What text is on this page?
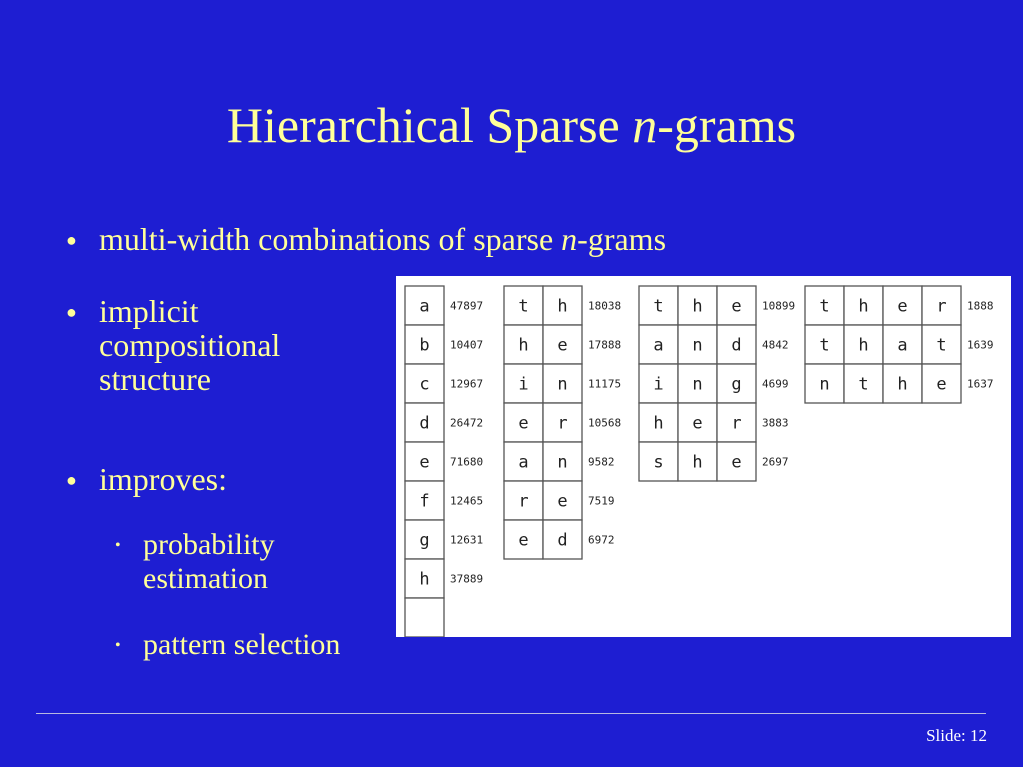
Hierarchical Sparse n-grams
● multi-width combinations of sparse n-grams
● implicit
compositional
structure
● improves:
• probability
estimation
• pattern selection
a 47897
b 10407
c 12967
d 26472
e 71680
f 12465
g 12631
h 37889
t h 18038
h e 17888
i n 11175
e r 10568
a n 9582
r e 7519
e d 6972
t h e 10899
a n d 4842
i n g 4699
h e r 3883
s h e 2697
t h e r 1888
t h a t 1639
n t h e 1637
Slide: 12
